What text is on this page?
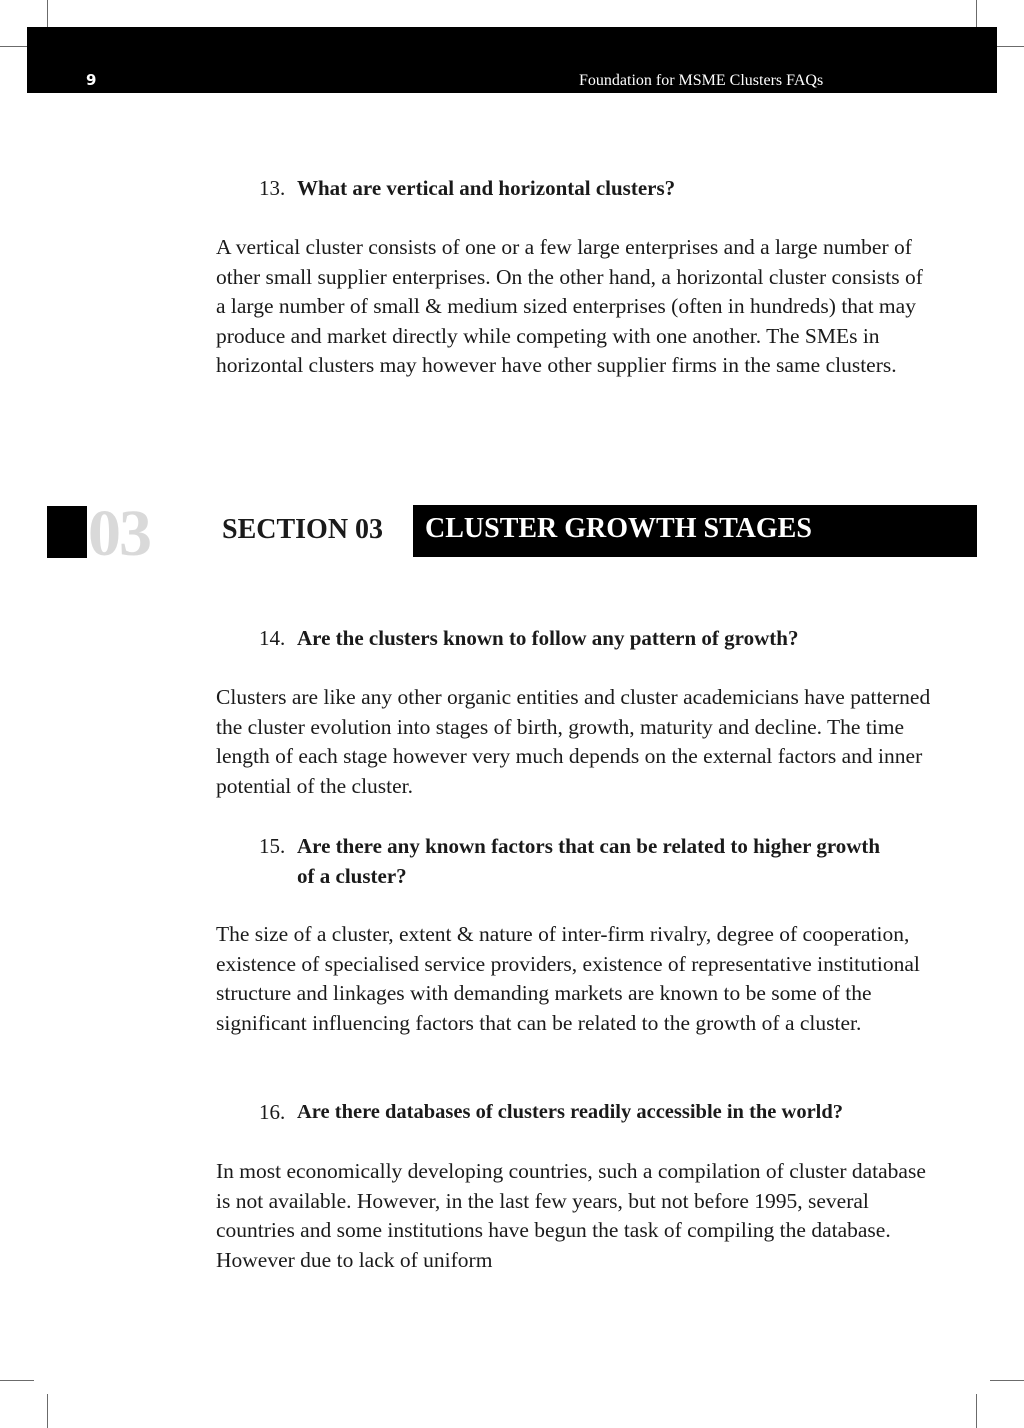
9	Foundation for MSME Clusters FAQs
13. What are vertical and horizontal clusters?

A vertical cluster consists of one or a few large enterprises and a large number of other small supplier enterprises. On the other hand, a horizontal cluster consists of a large number of small & medium sized enterprises (often in hundreds) that may produce and market directly while competing with one another. The SMEs in horizontal clusters may however have other supplier firms in the same clusters.

03	SECTION 03 CLUSTER GROWTH STAGES
14. Are the clusters known to follow any pattern of growth?

Clusters are like any other organic entities and cluster academicians have patterned the cluster evolution into stages of birth, growth, maturity and decline. The time length of each stage however very much depends on the external factors and inner potential of the cluster.

15. Are there any known factors that can be related to higher growth of a cluster?

The size of a cluster, extent & nature of inter-firm rivalry, degree of cooperation, existence of specialised service providers, existence of representative institutional structure and linkages with demanding markets are known to be some of the significant influencing factors that can be related to the growth of a cluster.

16. Are there databases of clusters readily accessible in the world?

In most economically developing countries, such a compilation of cluster database is not available. However, in the last few years, but not before 1995, several countries and some institutions have begun the task of compiling the database. However due to lack of uniform
